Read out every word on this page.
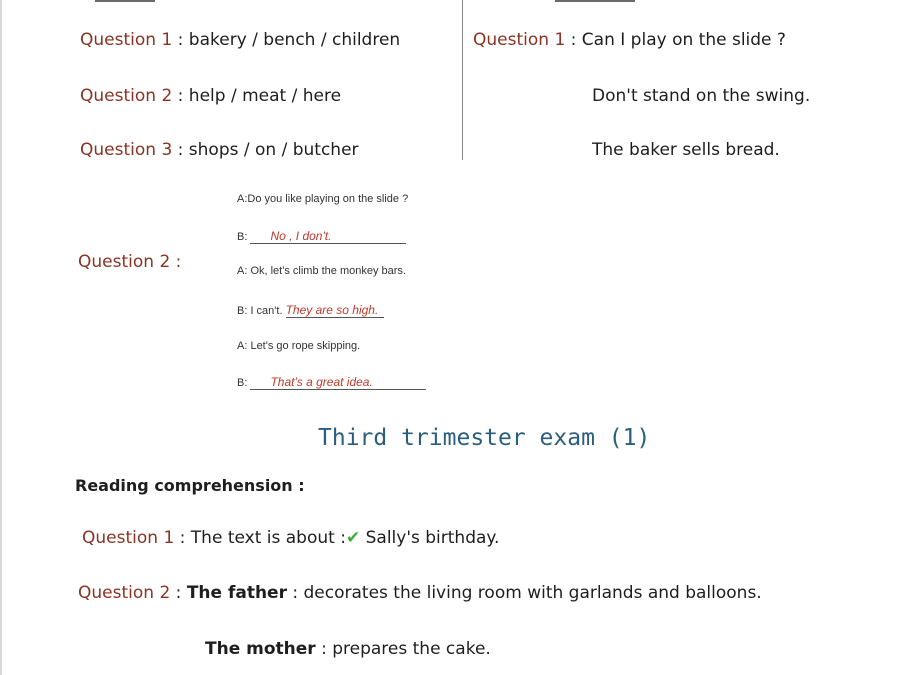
Question 1 : bakery / bench / children
Question 2 : help / meat / here
Question 3 : shops / on / butcher
Question 1 : Can I play on the slide ?
Don't stand on the swing.
The baker sells bread.
Question 2 :
A:Do you like playing on the slide ?
B: No , I don't.
A: Ok, let's climb the monkey bars.
B: I can't. They are so high.
A: Let's go rope skipping.
B: That's a great idea.
Third trimester exam (1)
Reading comprehension :
Question 1 : The text is about :✔ Sally's birthday.
Question 2 : The father : decorates the living room with garlands and balloons.
The mother : prepares the cake.
